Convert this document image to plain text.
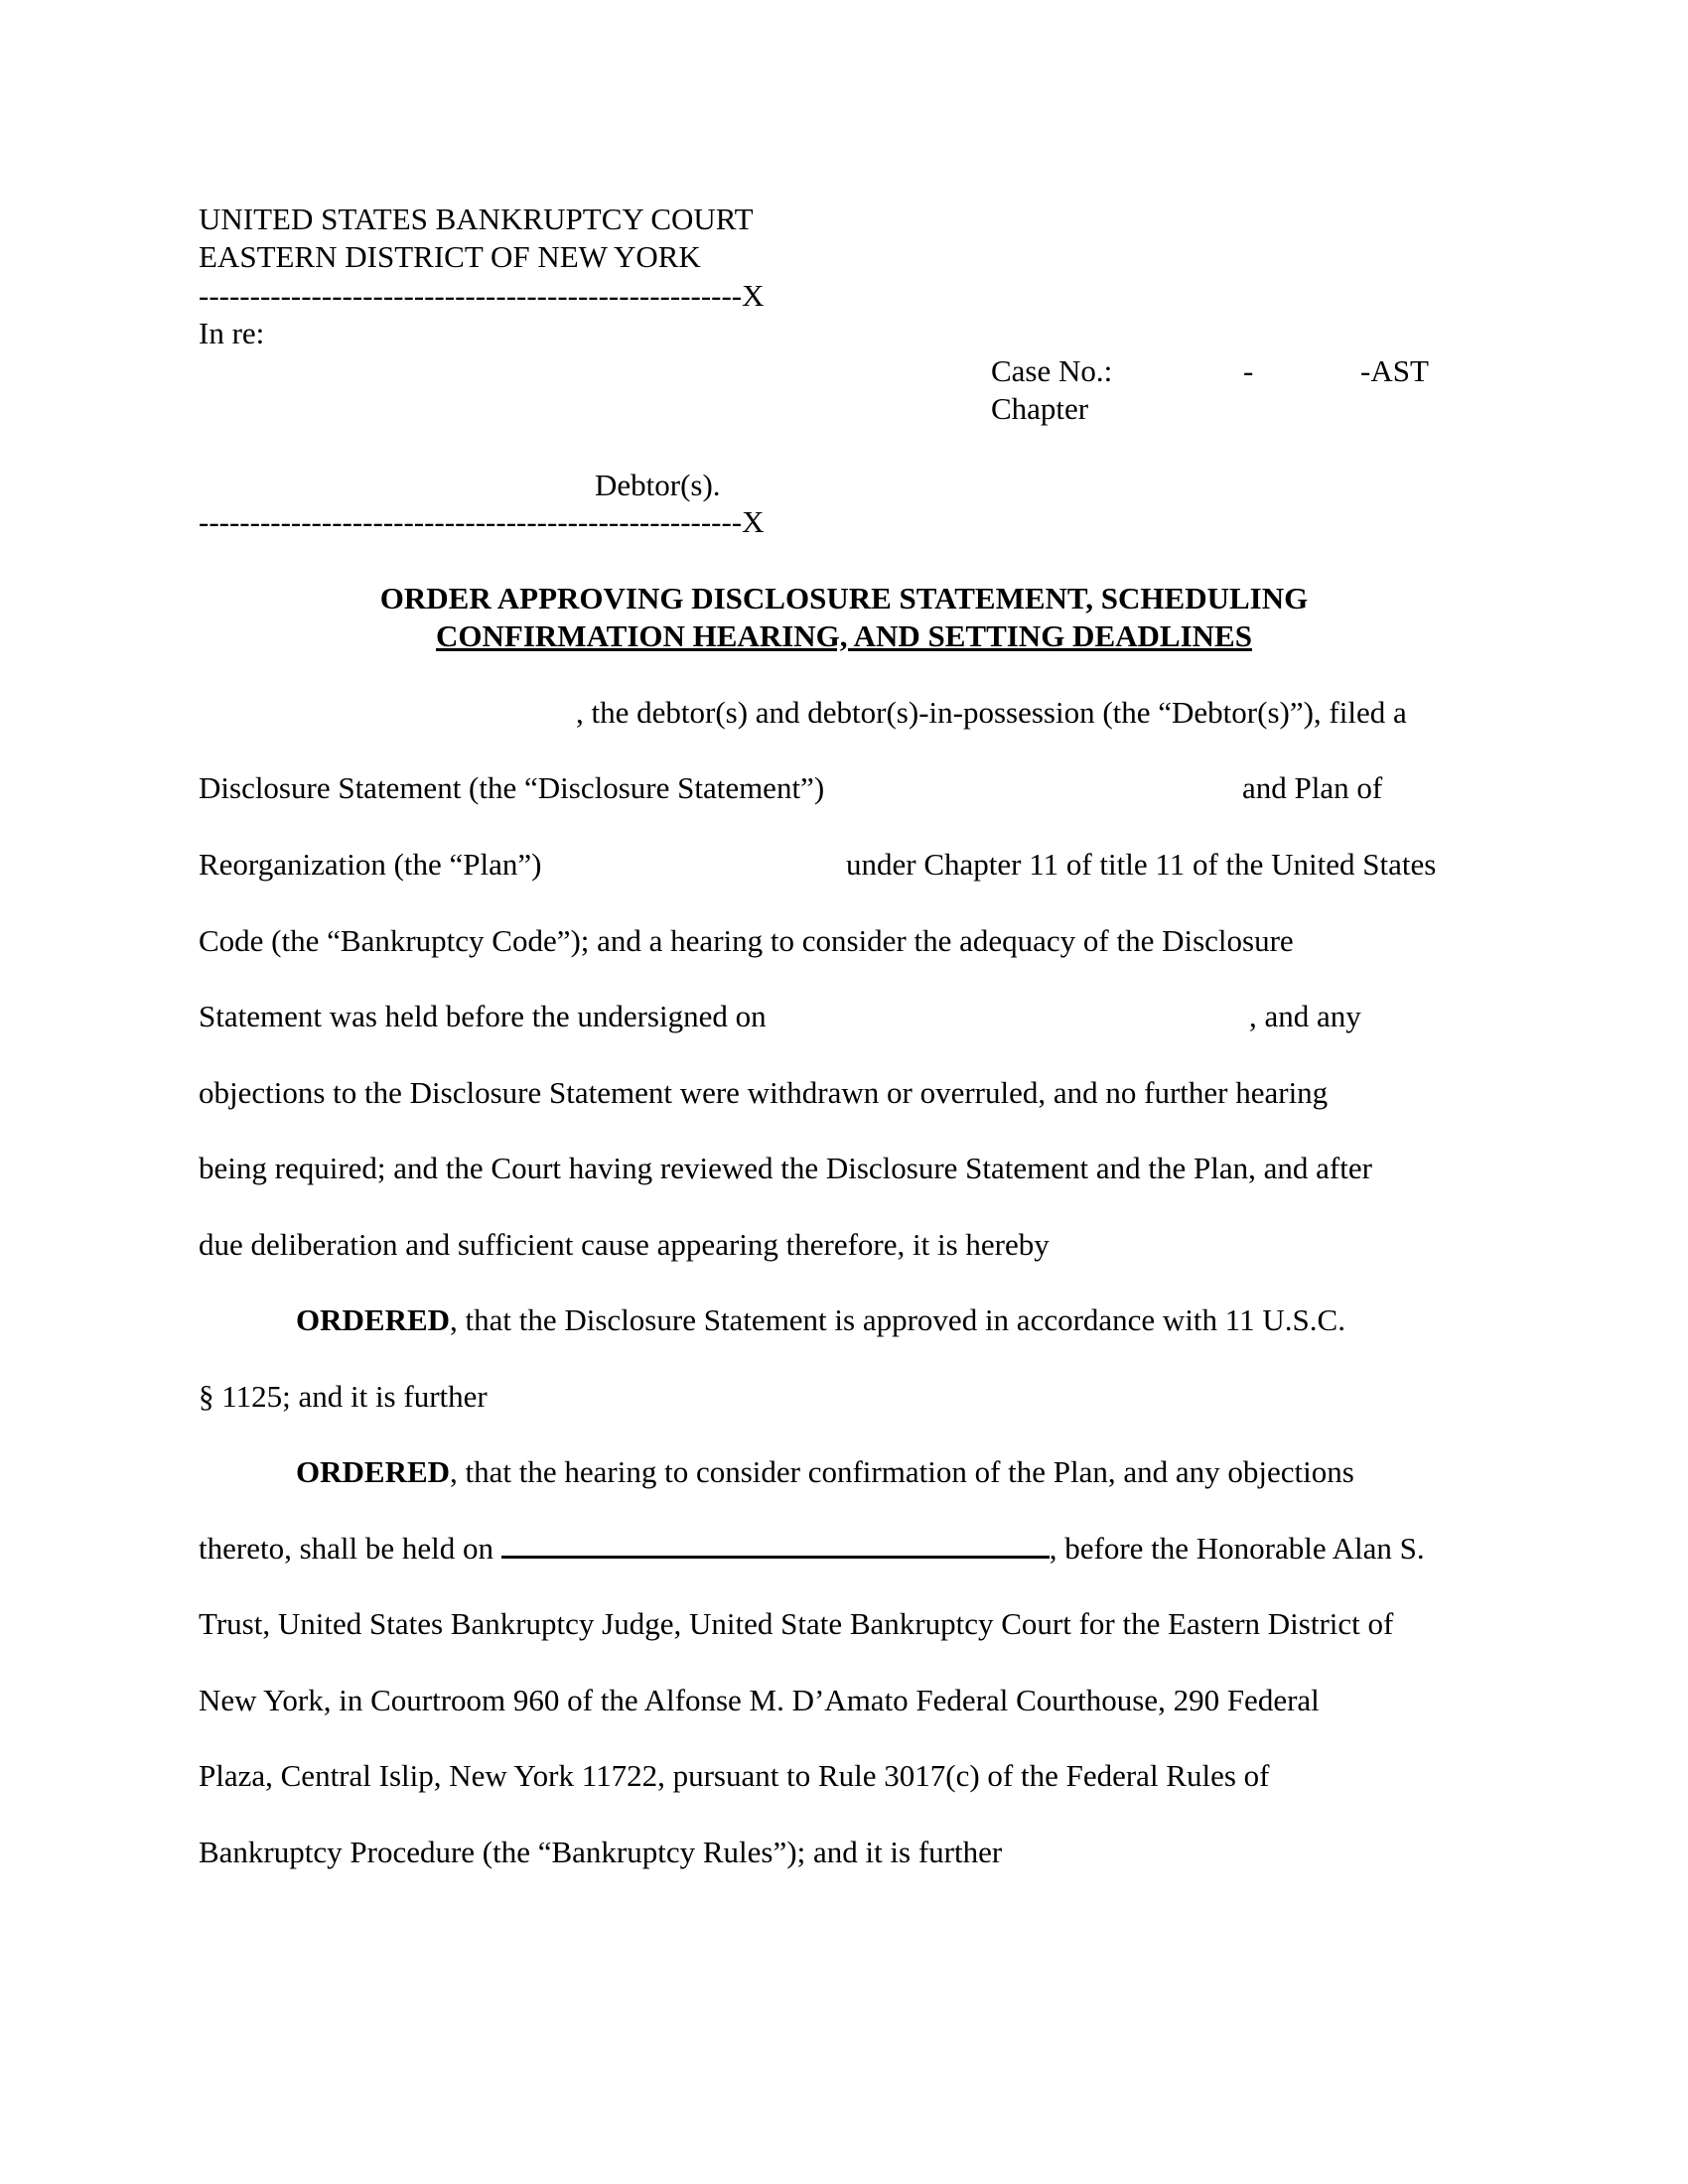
UNITED STATES BANKRUPTCY COURT
EASTERN DISTRICT OF NEW YORK
-----------------------------------------------------X
In re:
Case No.:	-	-AST
Chapter
Debtor(s).
-----------------------------------------------------X
ORDER APPROVING DISCLOSURE STATEMENT, SCHEDULING
CONFIRMATION HEARING, AND SETTING DEADLINES
, the debtor(s) and debtor(s)-in-possession (the “Debtor(s)”), filed a
Disclosure Statement (the “Disclosure Statement”)	and Plan of
Reorganization (the “Plan”)	under Chapter 11 of title 11 of the United States
Code (the “Bankruptcy Code”); and a hearing to consider the adequacy of the Disclosure
Statement was held before the undersigned on	, and any
objections to the Disclosure Statement were withdrawn or overruled, and no further hearing
being required; and the Court having reviewed the Disclosure Statement and the Plan, and after
due deliberation and sufficient cause appearing therefore, it is hereby
ORDERED, that the Disclosure Statement is approved in accordance with 11 U.S.C.
§ 1125; and it is further
ORDERED, that the hearing to consider confirmation of the Plan, and any objections
thereto, shall be held on	, before the Honorable Alan S.
Trust, United States Bankruptcy Judge, United State Bankruptcy Court for the Eastern District of
New York, in Courtroom 960 of the Alfonse M. D’Amato Federal Courthouse, 290 Federal
Plaza, Central Islip, New York 11722, pursuant to Rule 3017(c) of the Federal Rules of
Bankruptcy Procedure (the “Bankruptcy Rules”); and it is further
